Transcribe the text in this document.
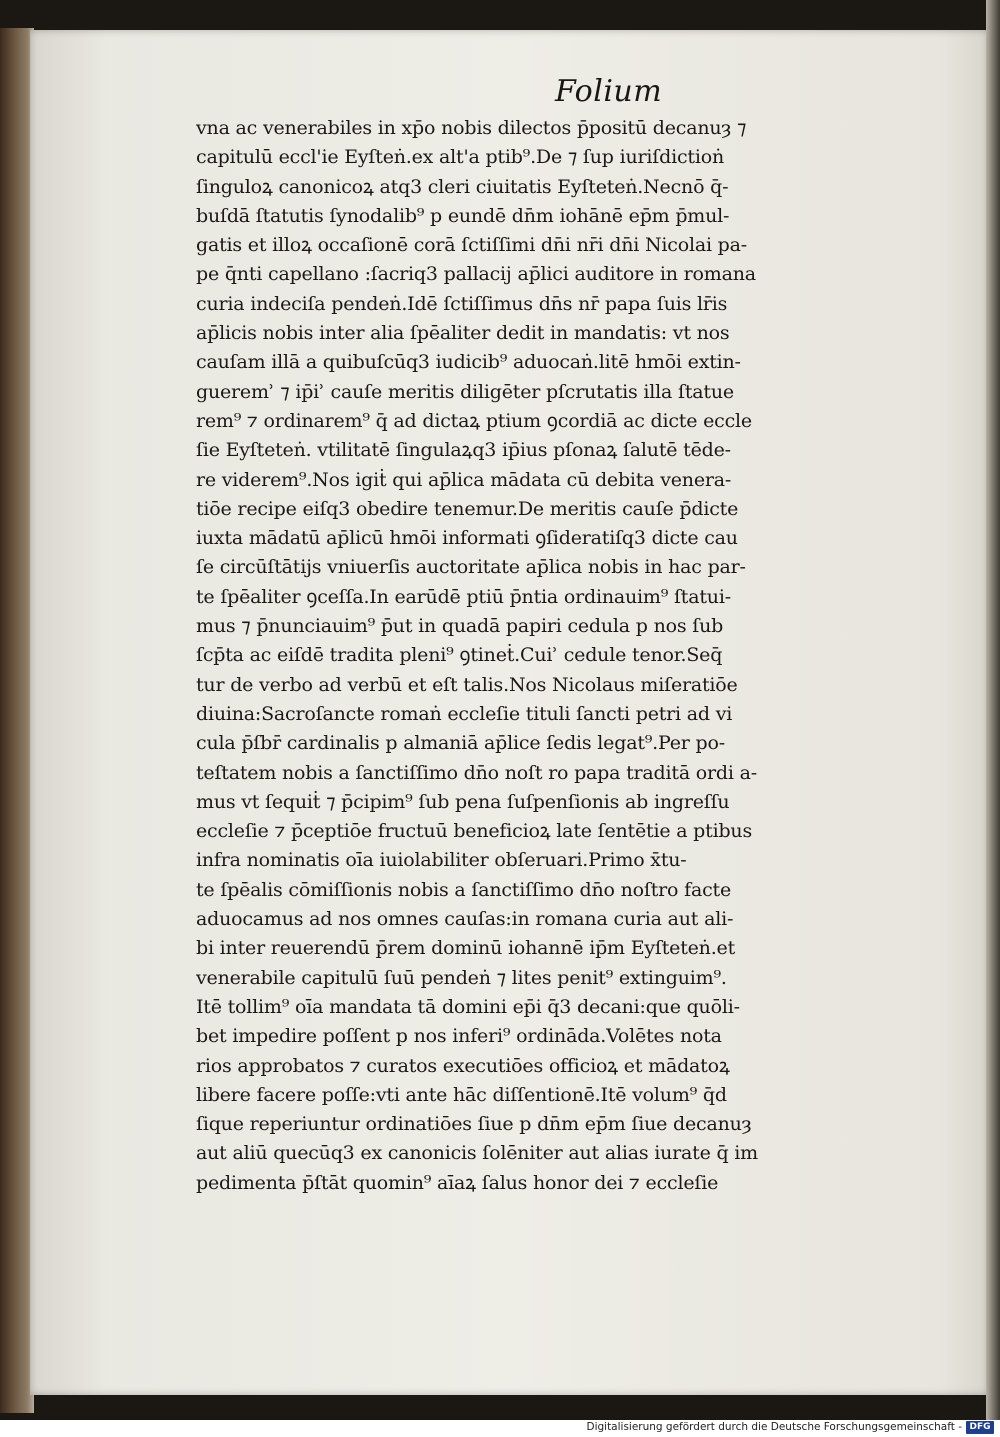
Folium
vna ac venerabiles in xp̄o nobis dilectos p̄positū decanuȝ ⁊
capitulū eccl'ie Eyſteṅ.ex alt'a ptib⁹.De ⁊ ſup iuriſdictioṅ
ſinguloꝝ canonicoꝝ atq3 cleri ciuitatis Eyſteteṅ.Necnō q̄-
buſdā ſtatutis ſynodalib⁹ p eundē dn̄m iohānē ep̄m p̄mul-
gatis et illoꝝ occaſionē corā ſctiſſimi dn̄i nr̄i dn̄i Nicolai pa-
pe q̄nti capellano :ſacriq3 pallacij ap̄lici auditore in romana
curia indeciſa pendeṅ.Idē ſctiſſimus dn̄s nr̄ papa ſuis lr̄is
ap̄licis nobis inter alia ſpēaliter dedit in mandatis: vt nos
cauſam illā a quibuſcūq3 iudicib⁹ aduocaṅ.litē hmōi extin-
gueremʾ ⁊ ip̄iʾ cauſe meritis diligēter pſcrutatis illa ſtatue
rem⁹ ⁊ ordinarem⁹ q̄ ad dictaꝝ ptium ꝯcordiā ac dicte eccle
ſie Eyſteteṅ. vtilitatē ſingulaꝝq3 ip̄ius pſonaꝝ ſalutē tēde-
re viderem⁹.Nos igiṫ qui ap̄lica mādata cū debita venera-
tiōe recipe eiſq3 obedire tenemur.De meritis cauſe p̄dicte
iuxta mādatū ap̄licū hmōi informati ꝯſideratiſq3 dicte cau
ſe circūſtātijs vniuerſis auctoritate ap̄lica nobis in hac par-
te ſpēaliter ꝯceſſa.In earūdē ptiū p̄ntia ordinauim⁹ ſtatui-
mus ⁊ p̄nunciauim⁹ p̄ut in quadā papiri cedula p nos ſub
ſcp̄ta ac eiſdē tradita pleni⁹ ꝯtineṫ.Cuiʾ cedule tenor.Seq̄
tur de verbo ad verbū et eſt talis.Nos Nicolaus miſeratiōe
diuina:Sacroſancte romaṅ eccleſie tituli ſancti petri ad vi
cula p̄ſbr̄ cardinalis p almaniā ap̄lice ſedis legat⁹.Per po-
teſtatem nobis a ſanctiſſimo dn̄o noſt ro papa traditā ordi a-
mus vt ſequiṫ ⁊ p̄cipim⁹ ſub pena ſuſpenſionis ab ingreſſu
eccleſie ⁊ p̄ceptiōe fructuū beneficioꝝ late ſentētie a ptibus
infra nominatis oīa iuiolabiliter obſeruari.Primo x̄tu-
te ſpēalis cōmiſſionis nobis a ſanctiſſimo dn̄o noſtro facte
aduocamus ad nos omnes cauſas:in romana curia aut ali-
bi inter reuerendū p̄rem dominū iohannē ip̄m Eyſteteṅ.et
venerabile capitulū ſuū pendeṅ ⁊ lites penit⁹ extinguim⁹.
Itē tollim⁹ oīa mandata tā domini ep̄i q̄3 decani:que quōli-
bet impedire poſſent p nos inferi⁹ ordināda.Volētes nota
rios approbatos ⁊ curatos executiōes officioꝝ et mādatoꝝ
libere facere poſſe:vti ante hāc diſſentionē.Itē volum⁹ q̄d
ſique reperiuntur ordinatiōes ſiue p dn̄m ep̄m ſiue decanuȝ
aut aliū quecūq3 ex canonicis ſolēniter aut alias iurate q̄ im
pedimenta p̄ſtāt quomin⁹ aīaꝝ ſalus honor dei ⁊ eccleſie
Digitalisierung gefördert durch die Deutsche Forschungsgemeinschaft - DFG
